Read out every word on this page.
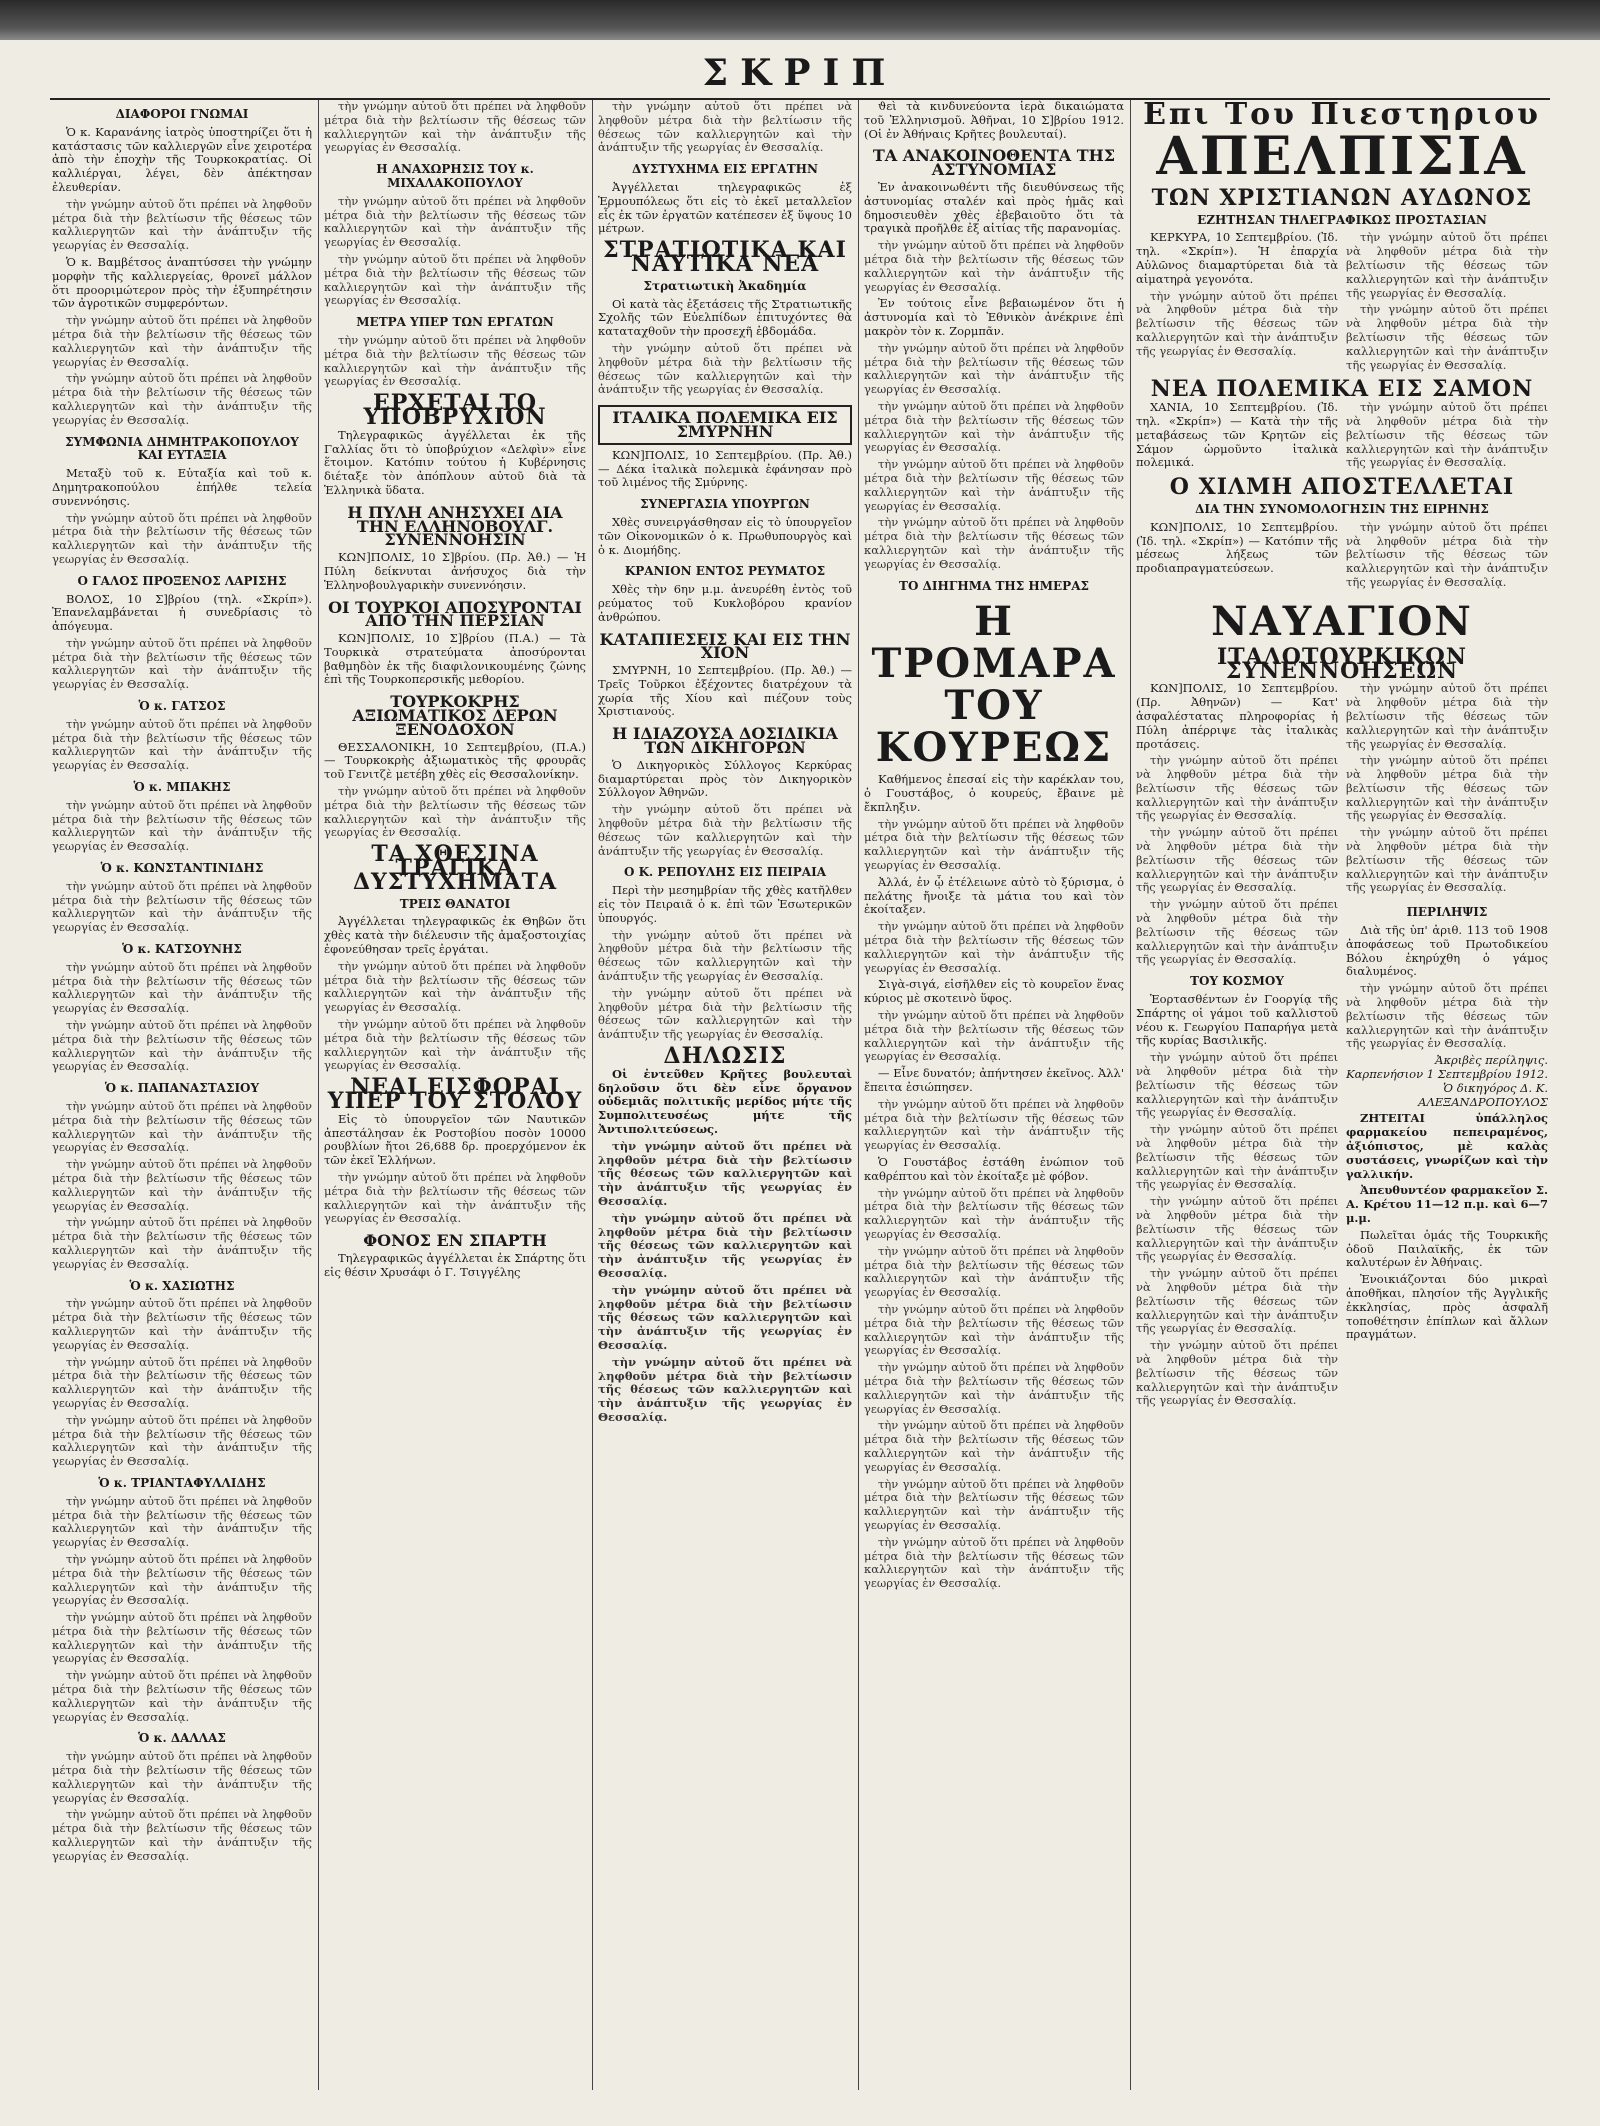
ΣΚΡΙΠ
ΔΙΑΦΟΡΟΙ ΓΝΩΜΑΙ

Ὁ κ. Καρανάνης ἰατρὸς ὑποστηρίζει ὅτι ἡ κατάστασις τῶν καλλιεργῶν εἶνε χειροτέρα ἀπὸ τὴν ἐποχὴν τῆς Τουρκοκρατίας. Οἱ καλλιέργαι, λέγει, δὲν ἀπέκτησαν ἐλευθερίαν.

τὴν γνώμην αὐτοῦ ὅτι πρέπει νὰ ληφθοῦν μέτρα διὰ τὴν βελτίωσιν τῆς θέσεως τῶν καλλιεργητῶν καὶ τὴν ἀνάπτυξιν τῆς γεωργίας ἐν Θεσσαλίᾳ.

Ὁ κ. Βαμβέτσος ἀναπτύσσει τὴν γνώμην μορφὴν τῆς καλλιεργείας, θρονεῖ μάλλον ὅτι προοριμώτερον πρὸς τὴν ἐξυπηρέτησιν τῶν ἀγροτικῶν συμφερόντων.

τὴν γνώμην αὐτοῦ ὅτι πρέπει νὰ ληφθοῦν μέτρα διὰ τὴν βελτίωσιν τῆς θέσεως τῶν καλλιεργητῶν καὶ τὴν ἀνάπτυξιν τῆς γεωργίας ἐν Θεσσαλίᾳ.

τὴν γνώμην αὐτοῦ ὅτι πρέπει νὰ ληφθοῦν μέτρα διὰ τὴν βελτίωσιν τῆς θέσεως τῶν καλλιεργητῶν καὶ τὴν ἀνάπτυξιν τῆς γεωργίας ἐν Θεσσαλίᾳ.

ΣΥΜΦΩΝΙΑ ΔΗΜΗΤΡΑΚΟΠΟΥΛΟΥ ΚΑΙ ΕΥΤΑΞΙΑ

Μεταξὺ τοῦ κ. Εὐταξία καὶ τοῦ κ. Δημητρακοπούλου ἐπήλθε τελεία συνεννόησις.

τὴν γνώμην αὐτοῦ ὅτι πρέπει νὰ ληφθοῦν μέτρα διὰ τὴν βελτίωσιν τῆς θέσεως τῶν καλλιεργητῶν καὶ τὴν ἀνάπτυξιν τῆς γεωργίας ἐν Θεσσαλίᾳ.

Ο ΓΑΛΟΣ ΠΡΟΞΕΝΟΣ ΛΑΡΙΣΗΣ

ΒΟΛΟΣ, 10 Σ]βρίου (τηλ. «Σκρίπ»). Ἐπανελαμβάνεται ἡ συνεδρίασις τὸ ἀπόγευμα.

τὴν γνώμην αὐτοῦ ὅτι πρέπει νὰ ληφθοῦν μέτρα διὰ τὴν βελτίωσιν τῆς θέσεως τῶν καλλιεργητῶν καὶ τὴν ἀνάπτυξιν τῆς γεωργίας ἐν Θεσσαλίᾳ.

Ὁ κ. ΓΑΤΣΟΣ

τὴν γνώμην αὐτοῦ ὅτι πρέπει νὰ ληφθοῦν μέτρα διὰ τὴν βελτίωσιν τῆς θέσεως τῶν καλλιεργητῶν καὶ τὴν ἀνάπτυξιν τῆς γεωργίας ἐν Θεσσαλίᾳ.

Ὁ κ. ΜΠΑΚΗΣ

τὴν γνώμην αὐτοῦ ὅτι πρέπει νὰ ληφθοῦν μέτρα διὰ τὴν βελτίωσιν τῆς θέσεως τῶν καλλιεργητῶν καὶ τὴν ἀνάπτυξιν τῆς γεωργίας ἐν Θεσσαλίᾳ.

Ὁ κ. ΚΩΝΣΤΑΝΤΙΝΙΔΗΣ

τὴν γνώμην αὐτοῦ ὅτι πρέπει νὰ ληφθοῦν μέτρα διὰ τὴν βελτίωσιν τῆς θέσεως τῶν καλλιεργητῶν καὶ τὴν ἀνάπτυξιν τῆς γεωργίας ἐν Θεσσαλίᾳ.

Ὁ κ. ΚΑΤΣΟΥΝΗΣ

τὴν γνώμην αὐτοῦ ὅτι πρέπει νὰ ληφθοῦν μέτρα διὰ τὴν βελτίωσιν τῆς θέσεως τῶν καλλιεργητῶν καὶ τὴν ἀνάπτυξιν τῆς γεωργίας ἐν Θεσσαλίᾳ.

τὴν γνώμην αὐτοῦ ὅτι πρέπει νὰ ληφθοῦν μέτρα διὰ τὴν βελτίωσιν τῆς θέσεως τῶν καλλιεργητῶν καὶ τὴν ἀνάπτυξιν τῆς γεωργίας ἐν Θεσσαλίᾳ.

Ὁ κ. ΠΑΠΑΝΑΣΤΑΣΙΟΥ

τὴν γνώμην αὐτοῦ ὅτι πρέπει νὰ ληφθοῦν μέτρα διὰ τὴν βελτίωσιν τῆς θέσεως τῶν καλλιεργητῶν καὶ τὴν ἀνάπτυξιν τῆς γεωργίας ἐν Θεσσαλίᾳ.

τὴν γνώμην αὐτοῦ ὅτι πρέπει νὰ ληφθοῦν μέτρα διὰ τὴν βελτίωσιν τῆς θέσεως τῶν καλλιεργητῶν καὶ τὴν ἀνάπτυξιν τῆς γεωργίας ἐν Θεσσαλίᾳ.

τὴν γνώμην αὐτοῦ ὅτι πρέπει νὰ ληφθοῦν μέτρα διὰ τὴν βελτίωσιν τῆς θέσεως τῶν καλλιεργητῶν καὶ τὴν ἀνάπτυξιν τῆς γεωργίας ἐν Θεσσαλίᾳ.

Ὁ κ. ΧΑΣΙΩΤΗΣ

τὴν γνώμην αὐτοῦ ὅτι πρέπει νὰ ληφθοῦν μέτρα διὰ τὴν βελτίωσιν τῆς θέσεως τῶν καλλιεργητῶν καὶ τὴν ἀνάπτυξιν τῆς γεωργίας ἐν Θεσσαλίᾳ.

τὴν γνώμην αὐτοῦ ὅτι πρέπει νὰ ληφθοῦν μέτρα διὰ τὴν βελτίωσιν τῆς θέσεως τῶν καλλιεργητῶν καὶ τὴν ἀνάπτυξιν τῆς γεωργίας ἐν Θεσσαλίᾳ.

τὴν γνώμην αὐτοῦ ὅτι πρέπει νὰ ληφθοῦν μέτρα διὰ τὴν βελτίωσιν τῆς θέσεως τῶν καλλιεργητῶν καὶ τὴν ἀνάπτυξιν τῆς γεωργίας ἐν Θεσσαλίᾳ.

Ὁ κ. ΤΡΙΑΝΤΑΦΥΛΛΙΔΗΣ

τὴν γνώμην αὐτοῦ ὅτι πρέπει νὰ ληφθοῦν μέτρα διὰ τὴν βελτίωσιν τῆς θέσεως τῶν καλλιεργητῶν καὶ τὴν ἀνάπτυξιν τῆς γεωργίας ἐν Θεσσαλίᾳ.

τὴν γνώμην αὐτοῦ ὅτι πρέπει νὰ ληφθοῦν μέτρα διὰ τὴν βελτίωσιν τῆς θέσεως τῶν καλλιεργητῶν καὶ τὴν ἀνάπτυξιν τῆς γεωργίας ἐν Θεσσαλίᾳ.

τὴν γνώμην αὐτοῦ ὅτι πρέπει νὰ ληφθοῦν μέτρα διὰ τὴν βελτίωσιν τῆς θέσεως τῶν καλλιεργητῶν καὶ τὴν ἀνάπτυξιν τῆς γεωργίας ἐν Θεσσαλίᾳ.

τὴν γνώμην αὐτοῦ ὅτι πρέπει νὰ ληφθοῦν μέτρα διὰ τὴν βελτίωσιν τῆς θέσεως τῶν καλλιεργητῶν καὶ τὴν ἀνάπτυξιν τῆς γεωργίας ἐν Θεσσαλίᾳ.

Ὁ κ. ΔΑΛΛΑΣ

τὴν γνώμην αὐτοῦ ὅτι πρέπει νὰ ληφθοῦν μέτρα διὰ τὴν βελτίωσιν τῆς θέσεως τῶν καλλιεργητῶν καὶ τὴν ἀνάπτυξιν τῆς γεωργίας ἐν Θεσσαλίᾳ.

τὴν γνώμην αὐτοῦ ὅτι πρέπει νὰ ληφθοῦν μέτρα διὰ τὴν βελτίωσιν τῆς θέσεως τῶν καλλιεργητῶν καὶ τὴν ἀνάπτυξιν τῆς γεωργίας ἐν Θεσσαλίᾳ.

τὴν γνώμην αὐτοῦ ὅτι πρέπει νὰ ληφθοῦν μέτρα διὰ τὴν βελτίωσιν τῆς θέσεως τῶν καλλιεργητῶν καὶ τὴν ἀνάπτυξιν τῆς γεωργίας ἐν Θεσσαλίᾳ.

Η ΑΝΑΧΩΡΗΣΙΣ ΤΟΥ κ. ΜΙΧΑΛΑΚΟΠΟΥΛΟΥ

τὴν γνώμην αὐτοῦ ὅτι πρέπει νὰ ληφθοῦν μέτρα διὰ τὴν βελτίωσιν τῆς θέσεως τῶν καλλιεργητῶν καὶ τὴν ἀνάπτυξιν τῆς γεωργίας ἐν Θεσσαλίᾳ.

τὴν γνώμην αὐτοῦ ὅτι πρέπει νὰ ληφθοῦν μέτρα διὰ τὴν βελτίωσιν τῆς θέσεως τῶν καλλιεργητῶν καὶ τὴν ἀνάπτυξιν τῆς γεωργίας ἐν Θεσσαλίᾳ.

ΜΕΤΡΑ ΥΠΕΡ ΤΩΝ ΕΡΓΑΤΩΝ

τὴν γνώμην αὐτοῦ ὅτι πρέπει νὰ ληφθοῦν μέτρα διὰ τὴν βελτίωσιν τῆς θέσεως τῶν καλλιεργητῶν καὶ τὴν ἀνάπτυξιν τῆς γεωργίας ἐν Θεσσαλίᾳ.

ΕΡΧΕΤΑΙ ΤΟ ΥΠΟΒΡΥΧΙΟΝ

Τηλεγραφικῶς ἀγγέλλεται ἐκ τῆς Γαλλίας ὅτι τὸ ὑποβρύχιον «Δελφὶν» εἶνε ἕτοιμον. Κατόπιν τούτου ἡ Κυβέρνησις διέταξε τὸν ἀπόπλουν αὐτοῦ διὰ τὰ Ἑλληνικὰ ὕδατα.

Η ΠΥΛΗ ΑΝΗΣΥΧΕΙ ΔΙΑ ΤΗΝ ΕΛΛΗΝΟΒΟΥΛΓ. ΣΥΝΕΝΝΟΗΣΙΝ

ΚΩΝ]ΠΟΛΙΣ, 10 Σ]βρίου. (Πρ. Ἀθ.) — Ἡ Πύλη δείκνυται ἀνήσυχος διὰ τὴν Ἑλληνοβουλγαρικὴν συνεννόησιν.

ΟΙ ΤΟΥΡΚΟΙ ΑΠΟΣΥΡΟΝΤΑΙ ΑΠΟ ΤΗΝ ΠΕΡΣΙΑΝ

ΚΩΝ]ΠΟΛΙΣ, 10 Σ]βρίου (Π.Α.) — Τὰ Τουρκικὰ στρατεύματα ἀποσύρονται βαθμηδὸν ἐκ τῆς διαφιλονικουμένης ζώνης ἐπὶ τῆς Τουρκοπερσικῆς μεθορίου.

ΤΟΥΡΚΟΚΡΗΣ ΑΞΙΩΜΑΤΙΚΟΣ ΔΕΡΩΝ ΞΕΝΟΔΟΧΟΝ

ΘΕΣΣΑΛΟΝΙΚΗ, 10 Σεπτεμβρίου, (Π.Α.) — Τουρκοκρὴς ἀξιωματικὸς τῆς φρουρᾶς τοῦ Γενιτζὲ μετέβη χθὲς εἰς Θεσσαλονίκην.

τὴν γνώμην αὐτοῦ ὅτι πρέπει νὰ ληφθοῦν μέτρα διὰ τὴν βελτίωσιν τῆς θέσεως τῶν καλλιεργητῶν καὶ τὴν ἀνάπτυξιν τῆς γεωργίας ἐν Θεσσαλίᾳ.

ΤΑ ΧΘΕΣΙΝΑ ΤΡΑΓΙΚΑ ΔΥΣΤΥΧΗΜΑΤΑ
ΤΡΕΙΣ ΘΑΝΑΤΟΙ

Ἀγγέλλεται τηλεγραφικῶς ἐκ Θηβῶν ὅτι χθὲς κατὰ τὴν διέλευσιν τῆς ἀμαξοστοιχίας ἐφονεύθησαν τρεῖς ἐργάται.

τὴν γνώμην αὐτοῦ ὅτι πρέπει νὰ ληφθοῦν μέτρα διὰ τὴν βελτίωσιν τῆς θέσεως τῶν καλλιεργητῶν καὶ τὴν ἀνάπτυξιν τῆς γεωργίας ἐν Θεσσαλίᾳ.

τὴν γνώμην αὐτοῦ ὅτι πρέπει νὰ ληφθοῦν μέτρα διὰ τὴν βελτίωσιν τῆς θέσεως τῶν καλλιεργητῶν καὶ τὴν ἀνάπτυξιν τῆς γεωργίας ἐν Θεσσαλίᾳ.

ΝΕΑΙ ΕΙΣΦΟΡΑΙ ΥΠΕΡ ΤΟΥ ΣΤΟΛΟΥ

Εἰς τὸ ὑπουργεῖον τῶν Ναυτικῶν ἀπεστάλησαν ἐκ Ροστοβίου ποσὸν 10000 ρουβλίων ἤτοι 26,688 δρ. προερχόμενον ἐκ τῶν ἐκεῖ Ἑλλήνων.

τὴν γνώμην αὐτοῦ ὅτι πρέπει νὰ ληφθοῦν μέτρα διὰ τὴν βελτίωσιν τῆς θέσεως τῶν καλλιεργητῶν καὶ τὴν ἀνάπτυξιν τῆς γεωργίας ἐν Θεσσαλίᾳ.

ΦΟΝΟΣ ΕΝ ΣΠΑΡΤΗ

Τηλεγραφικῶς ἀγγέλλεται ἐκ Σπάρτης ὅτι εἰς θέσιν Χρυσάφι ὁ Γ. Τσιγγέλης

τὴν γνώμην αὐτοῦ ὅτι πρέπει νὰ ληφθοῦν μέτρα διὰ τὴν βελτίωσιν τῆς θέσεως τῶν καλλιεργητῶν καὶ τὴν ἀνάπτυξιν τῆς γεωργίας ἐν Θεσσαλίᾳ.

ΔΥΣΤΥΧΗΜΑ ΕΙΣ ΕΡΓΑΤΗΝ

Ἀγγέλλεται τηλεγραφικῶς ἐξ Ἑρμουπόλεως ὅτι εἰς τὸ ἐκεῖ μεταλλεῖον εἷς ἐκ τῶν ἐργατῶν κατέπεσεν ἐξ ὕψους 10 μέτρων.

ΣΤΡΑΤΙΩΤΙΚΑ ΚΑΙ ΝΑΥΤΙΚΑ ΝΕΑ
Στρατιωτικὴ Ἀκαδημία

Οἱ κατὰ τὰς ἐξετάσεις τῆς Στρατιωτικῆς Σχολῆς τῶν Εὐελπίδων ἐπιτυχόντες θὰ καταταχθοῦν τὴν προσεχῆ ἑβδομάδα.

τὴν γνώμην αὐτοῦ ὅτι πρέπει νὰ ληφθοῦν μέτρα διὰ τὴν βελτίωσιν τῆς θέσεως τῶν καλλιεργητῶν καὶ τὴν ἀνάπτυξιν τῆς γεωργίας ἐν Θεσσαλίᾳ.

ΙΤΑΛΙΚΑ ΠΟΛΕΜΙΚΑ ΕΙΣ ΣΜΥΡΝΗΝ

ΚΩΝ]ΠΟΛΙΣ, 10 Σεπτεμβρίου. (Πρ. Ἀθ.) — Δέκα ἰταλικὰ πολεμικὰ ἐφάνησαν πρὸ τοῦ λιμένος τῆς Σμύρνης.

ΣΥΝΕΡΓΑΣΙΑ ΥΠΟΥΡΓΩΝ

Χθὲς συνειργάσθησαν εἰς τὸ ὑπουργεῖον τῶν Οἰκονομικῶν ὁ κ. Πρωθυπουργὸς καὶ ὁ κ. Διομήδης.

ΚΡΑΝΙΟΝ ΕΝΤΟΣ ΡΕΥΜΑΤΟΣ

Χθὲς τὴν 6ην μ.μ. ἀνευρέθη ἐντὸς τοῦ ρεύματος τοῦ Κυκλοβόρου κρανίον ἀνθρώπου.

ΚΑΤΑΠΙΕΣΕΙΣ ΚΑΙ ΕΙΣ ΤΗΝ ΧΙΟΝ

ΣΜΥΡΝΗ, 10 Σεπτεμβρίου. (Πρ. Ἀθ.) — Τρεῖς Τοῦρκοι ἐξέχοντες διατρέχουν τὰ χωρία τῆς Χίου καὶ πιέζουν τοὺς Χριστιανούς.

Η ΙΔΙΑΖΟΥΣΑ ΔΟΣΙΔΙΚΙΑ ΤΩΝ ΔΙΚΗΓΟΡΩΝ

Ὁ Δικηγορικὸς Σύλλογος Κερκύρας διαμαρτύρεται πρὸς τὸν Δικηγορικὸν Σύλλογον Ἀθηνῶν.

τὴν γνώμην αὐτοῦ ὅτι πρέπει νὰ ληφθοῦν μέτρα διὰ τὴν βελτίωσιν τῆς θέσεως τῶν καλλιεργητῶν καὶ τὴν ἀνάπτυξιν τῆς γεωργίας ἐν Θεσσαλίᾳ.

Ο Κ. ΡΕΠΟΥΛΗΣ ΕΙΣ ΠΕΙΡΑΙΑ

Περὶ τὴν μεσημβρίαν τῆς χθὲς κατῆλθεν εἰς τὸν Πειραιᾶ ὁ κ. ἐπὶ τῶν Ἐσωτερικῶν ὑπουργός.

τὴν γνώμην αὐτοῦ ὅτι πρέπει νὰ ληφθοῦν μέτρα διὰ τὴν βελτίωσιν τῆς θέσεως τῶν καλλιεργητῶν καὶ τὴν ἀνάπτυξιν τῆς γεωργίας ἐν Θεσσαλίᾳ.

τὴν γνώμην αὐτοῦ ὅτι πρέπει νὰ ληφθοῦν μέτρα διὰ τὴν βελτίωσιν τῆς θέσεως τῶν καλλιεργητῶν καὶ τὴν ἀνάπτυξιν τῆς γεωργίας ἐν Θεσσαλίᾳ.

ΔΗΛΩΣΙΣ

Οἱ ἐντεῦθεν Κρῆτες βουλευταὶ δηλοῦσιν ὅτι δὲν εἶνε ὄργανον οὐδεμιᾶς πολιτικῆς μερίδος μήτε τῆς Συμπολιτευσέως μήτε τῆς Ἀντιπολιτεύσεως.

τὴν γνώμην αὐτοῦ ὅτι πρέπει νὰ ληφθοῦν μέτρα διὰ τὴν βελτίωσιν τῆς θέσεως τῶν καλλιεργητῶν καὶ τὴν ἀνάπτυξιν τῆς γεωργίας ἐν Θεσσαλίᾳ.

τὴν γνώμην αὐτοῦ ὅτι πρέπει νὰ ληφθοῦν μέτρα διὰ τὴν βελτίωσιν τῆς θέσεως τῶν καλλιεργητῶν καὶ τὴν ἀνάπτυξιν τῆς γεωργίας ἐν Θεσσαλίᾳ.

τὴν γνώμην αὐτοῦ ὅτι πρέπει νὰ ληφθοῦν μέτρα διὰ τὴν βελτίωσιν τῆς θέσεως τῶν καλλιεργητῶν καὶ τὴν ἀνάπτυξιν τῆς γεωργίας ἐν Θεσσαλίᾳ.

τὴν γνώμην αὐτοῦ ὅτι πρέπει νὰ ληφθοῦν μέτρα διὰ τὴν βελτίωσιν τῆς θέσεως τῶν καλλιεργητῶν καὶ τὴν ἀνάπτυξιν τῆς γεωργίας ἐν Θεσσαλίᾳ.

ϑεὶ τὰ κινδυνεύοντα ἱερὰ δικαιώματα τοῦ Ἑλληνισμοῦ. Ἀθῆναι, 10 Σ]βρίου 1912. (Οἱ ἐν Ἀθήναις Κρῆτες βουλευταί).

ΤΑ ΑΝΑΚΟΙΝΟΘΕΝΤΑ ΤΗΣ ΑΣΤΥΝΟΜΙΑΣ

Ἐν ἀνακοινωθέντι τῆς διευθύνσεως τῆς ἀστυνομίας σταλέν καὶ πρὸς ἡμᾶς καὶ δημοσιευθὲν χθὲς ἐβεβαιοῦτο ὅτι τὰ τραγικὰ προῆλθε ἐξ αἰτίας τῆς παρανομίας.

τὴν γνώμην αὐτοῦ ὅτι πρέπει νὰ ληφθοῦν μέτρα διὰ τὴν βελτίωσιν τῆς θέσεως τῶν καλλιεργητῶν καὶ τὴν ἀνάπτυξιν τῆς γεωργίας ἐν Θεσσαλίᾳ.

Ἐν τούτοις εἶνε βεβαιωμένον ὅτι ἡ ἀστυνομία καὶ τὸ Ἐθνικὸν ἀνέκρινε ἐπὶ μακρὸν τὸν κ. Ζορμπᾶν.

τὴν γνώμην αὐτοῦ ὅτι πρέπει νὰ ληφθοῦν μέτρα διὰ τὴν βελτίωσιν τῆς θέσεως τῶν καλλιεργητῶν καὶ τὴν ἀνάπτυξιν τῆς γεωργίας ἐν Θεσσαλίᾳ.

τὴν γνώμην αὐτοῦ ὅτι πρέπει νὰ ληφθοῦν μέτρα διὰ τὴν βελτίωσιν τῆς θέσεως τῶν καλλιεργητῶν καὶ τὴν ἀνάπτυξιν τῆς γεωργίας ἐν Θεσσαλίᾳ.

τὴν γνώμην αὐτοῦ ὅτι πρέπει νὰ ληφθοῦν μέτρα διὰ τὴν βελτίωσιν τῆς θέσεως τῶν καλλιεργητῶν καὶ τὴν ἀνάπτυξιν τῆς γεωργίας ἐν Θεσσαλίᾳ.

τὴν γνώμην αὐτοῦ ὅτι πρέπει νὰ ληφθοῦν μέτρα διὰ τὴν βελτίωσιν τῆς θέσεως τῶν καλλιεργητῶν καὶ τὴν ἀνάπτυξιν τῆς γεωργίας ἐν Θεσσαλίᾳ.

ΤΟ ΔΙΗΓΗΜΑ ΤΗΣ ΗΜΕΡΑΣ
Η ΤΡΟΜΑΡΑ ΤΟΥ ΚΟΥΡΕΩΣ

Καθήμενος ἐπεσαί εἰς τὴν καρέκλαν του, ὁ Γουστάβος, ὁ κουρεύς, ἔβαινε μὲ ἔκπληξιν.

τὴν γνώμην αὐτοῦ ὅτι πρέπει νὰ ληφθοῦν μέτρα διὰ τὴν βελτίωσιν τῆς θέσεως τῶν καλλιεργητῶν καὶ τὴν ἀνάπτυξιν τῆς γεωργίας ἐν Θεσσαλίᾳ.

Ἀλλά, ἐν ᾧ ἐτέλειωνε αὐτὸ τὸ ξύρισμα, ὁ πελάτης ἤνοιξε τὰ μάτια του καὶ τὸν ἐκοίταξεν.

τὴν γνώμην αὐτοῦ ὅτι πρέπει νὰ ληφθοῦν μέτρα διὰ τὴν βελτίωσιν τῆς θέσεως τῶν καλλιεργητῶν καὶ τὴν ἀνάπτυξιν τῆς γεωργίας ἐν Θεσσαλίᾳ.

Σιγὰ-σιγά, εἰσῆλθεν εἰς τὸ κουρεῖον ἕνας κύριος μὲ σκοτεινὸ ὕφος.

τὴν γνώμην αὐτοῦ ὅτι πρέπει νὰ ληφθοῦν μέτρα διὰ τὴν βελτίωσιν τῆς θέσεως τῶν καλλιεργητῶν καὶ τὴν ἀνάπτυξιν τῆς γεωργίας ἐν Θεσσαλίᾳ.

— Εἶνε δυνατόν; ἀπήντησεν ἐκεῖνος. Ἀλλ' ἔπειτα ἐσιώπησεν.

τὴν γνώμην αὐτοῦ ὅτι πρέπει νὰ ληφθοῦν μέτρα διὰ τὴν βελτίωσιν τῆς θέσεως τῶν καλλιεργητῶν καὶ τὴν ἀνάπτυξιν τῆς γεωργίας ἐν Θεσσαλίᾳ.

Ὁ Γουστάβος ἐστάθη ἐνώπιον τοῦ καθρέπτου καὶ τὸν ἐκοίταξε μὲ φόβον.

τὴν γνώμην αὐτοῦ ὅτι πρέπει νὰ ληφθοῦν μέτρα διὰ τὴν βελτίωσιν τῆς θέσεως τῶν καλλιεργητῶν καὶ τὴν ἀνάπτυξιν τῆς γεωργίας ἐν Θεσσαλίᾳ.

τὴν γνώμην αὐτοῦ ὅτι πρέπει νὰ ληφθοῦν μέτρα διὰ τὴν βελτίωσιν τῆς θέσεως τῶν καλλιεργητῶν καὶ τὴν ἀνάπτυξιν τῆς γεωργίας ἐν Θεσσαλίᾳ.

τὴν γνώμην αὐτοῦ ὅτι πρέπει νὰ ληφθοῦν μέτρα διὰ τὴν βελτίωσιν τῆς θέσεως τῶν καλλιεργητῶν καὶ τὴν ἀνάπτυξιν τῆς γεωργίας ἐν Θεσσαλίᾳ.

τὴν γνώμην αὐτοῦ ὅτι πρέπει νὰ ληφθοῦν μέτρα διὰ τὴν βελτίωσιν τῆς θέσεως τῶν καλλιεργητῶν καὶ τὴν ἀνάπτυξιν τῆς γεωργίας ἐν Θεσσαλίᾳ.

τὴν γνώμην αὐτοῦ ὅτι πρέπει νὰ ληφθοῦν μέτρα διὰ τὴν βελτίωσιν τῆς θέσεως τῶν καλλιεργητῶν καὶ τὴν ἀνάπτυξιν τῆς γεωργίας ἐν Θεσσαλίᾳ.

τὴν γνώμην αὐτοῦ ὅτι πρέπει νὰ ληφθοῦν μέτρα διὰ τὴν βελτίωσιν τῆς θέσεως τῶν καλλιεργητῶν καὶ τὴν ἀνάπτυξιν τῆς γεωργίας ἐν Θεσσαλίᾳ.

τὴν γνώμην αὐτοῦ ὅτι πρέπει νὰ ληφθοῦν μέτρα διὰ τὴν βελτίωσιν τῆς θέσεως τῶν καλλιεργητῶν καὶ τὴν ἀνάπτυξιν τῆς γεωργίας ἐν Θεσσαλίᾳ.

Επι Του Πιεστηριου
ΑΠΕΛΠΙΣΙΑ
ΤΩΝ ΧΡΙΣΤΙΑΝΩΝ ΑΥΔΩΝΟΣ
ΕΖΗΤΗΣΑΝ ΤΗΛΕΓΡΑΦΙΚΩΣ ΠΡΟΣΤΑΣΙΑΝ

ΚΕΡΚΥΡΑ, 10 Σεπτεμβρίου. (Ἰδ. τηλ. «Σκρίπ»). Ἡ ἐπαρχία Αὐλῶνος διαμαρτύρεται διὰ τὰ αἱματηρὰ γεγονότα.

τὴν γνώμην αὐτοῦ ὅτι πρέπει νὰ ληφθοῦν μέτρα διὰ τὴν βελτίωσιν τῆς θέσεως τῶν καλλιεργητῶν καὶ τὴν ἀνάπτυξιν τῆς γεωργίας ἐν Θεσσαλίᾳ.

τὴν γνώμην αὐτοῦ ὅτι πρέπει νὰ ληφθοῦν μέτρα διὰ τὴν βελτίωσιν τῆς θέσεως τῶν καλλιεργητῶν καὶ τὴν ἀνάπτυξιν τῆς γεωργίας ἐν Θεσσαλίᾳ.

τὴν γνώμην αὐτοῦ ὅτι πρέπει νὰ ληφθοῦν μέτρα διὰ τὴν βελτίωσιν τῆς θέσεως τῶν καλλιεργητῶν καὶ τὴν ἀνάπτυξιν τῆς γεωργίας ἐν Θεσσαλίᾳ.

ΝΕΑ ΠΟΛΕΜΙΚΑ ΕΙΣ ΣΑΜΟΝ

ΧΑΝΙΑ, 10 Σεπτεμβρίου. (Ἰδ. τηλ. «Σκρίπ») — Κατὰ τὴν τῆς μεταβάσεως τῶν Κρητῶν εἰς Σάμον ὡρμοῦντο ἰταλικὰ πολεμικά.

τὴν γνώμην αὐτοῦ ὅτι πρέπει νὰ ληφθοῦν μέτρα διὰ τὴν βελτίωσιν τῆς θέσεως τῶν καλλιεργητῶν καὶ τὴν ἀνάπτυξιν τῆς γεωργίας ἐν Θεσσαλίᾳ.

Ο ΧΙΛΜΗ ΑΠΟΣΤΕΛΛΕΤΑΙ
ΔΙΑ ΤΗΝ ΣΥΝΟΜΟΛΟΓΗΣΙΝ ΤΗΣ ΕΙΡΗΝΗΣ

ΚΩΝ]ΠΟΛΙΣ, 10 Σεπτεμβρίου. (Ἰδ. τηλ. «Σκρίπ») — Κατόπιν τῆς μέσεως λήξεως τῶν προδιαπραγματεύσεων.

τὴν γνώμην αὐτοῦ ὅτι πρέπει νὰ ληφθοῦν μέτρα διὰ τὴν βελτίωσιν τῆς θέσεως τῶν καλλιεργητῶν καὶ τὴν ἀνάπτυξιν τῆς γεωργίας ἐν Θεσσαλίᾳ.

ΝΑΥΑΓΙΟΝ
ΙΤΑΛΟΤΟΥΡΚΙΚΩΝ ΣΥΝΕΝΝΟΗΣΕΩΝ

ΚΩΝ]ΠΟΛΙΣ, 10 Σεπτεμβρίου. (Πρ. Ἀθηνῶν) — Κατ' ἀσφαλέστατας πληροφορίας ἡ Πύλη ἀπέρριψε τὰς ἰταλικὰς προτάσεις.

τὴν γνώμην αὐτοῦ ὅτι πρέπει νὰ ληφθοῦν μέτρα διὰ τὴν βελτίωσιν τῆς θέσεως τῶν καλλιεργητῶν καὶ τὴν ἀνάπτυξιν τῆς γεωργίας ἐν Θεσσαλίᾳ.

τὴν γνώμην αὐτοῦ ὅτι πρέπει νὰ ληφθοῦν μέτρα διὰ τὴν βελτίωσιν τῆς θέσεως τῶν καλλιεργητῶν καὶ τὴν ἀνάπτυξιν τῆς γεωργίας ἐν Θεσσαλίᾳ.

τὴν γνώμην αὐτοῦ ὅτι πρέπει νὰ ληφθοῦν μέτρα διὰ τὴν βελτίωσιν τῆς θέσεως τῶν καλλιεργητῶν καὶ τὴν ἀνάπτυξιν τῆς γεωργίας ἐν Θεσσαλίᾳ.

τὴν γνώμην αὐτοῦ ὅτι πρέπει νὰ ληφθοῦν μέτρα διὰ τὴν βελτίωσιν τῆς θέσεως τῶν καλλιεργητῶν καὶ τὴν ἀνάπτυξιν τῆς γεωργίας ἐν Θεσσαλίᾳ.

τὴν γνώμην αὐτοῦ ὅτι πρέπει νὰ ληφθοῦν μέτρα διὰ τὴν βελτίωσιν τῆς θέσεως τῶν καλλιεργητῶν καὶ τὴν ἀνάπτυξιν τῆς γεωργίας ἐν Θεσσαλίᾳ.

τὴν γνώμην αὐτοῦ ὅτι πρέπει νὰ ληφθοῦν μέτρα διὰ τὴν βελτίωσιν τῆς θέσεως τῶν καλλιεργητῶν καὶ τὴν ἀνάπτυξιν τῆς γεωργίας ἐν Θεσσαλίᾳ.

ΤΟΥ ΚΟΣΜΟΥ

Ἑορτασθέντων ἐν Γοοργίᾳ τῆς Σπάρτης οἱ γάμοι τοῦ καλλιστοῦ νέου κ. Γεωργίου Παπαρήγα μετὰ τῆς κυρίας Βασιλικῆς.

τὴν γνώμην αὐτοῦ ὅτι πρέπει νὰ ληφθοῦν μέτρα διὰ τὴν βελτίωσιν τῆς θέσεως τῶν καλλιεργητῶν καὶ τὴν ἀνάπτυξιν τῆς γεωργίας ἐν Θεσσαλίᾳ.

τὴν γνώμην αὐτοῦ ὅτι πρέπει νὰ ληφθοῦν μέτρα διὰ τὴν βελτίωσιν τῆς θέσεως τῶν καλλιεργητῶν καὶ τὴν ἀνάπτυξιν τῆς γεωργίας ἐν Θεσσαλίᾳ.

τὴν γνώμην αὐτοῦ ὅτι πρέπει νὰ ληφθοῦν μέτρα διὰ τὴν βελτίωσιν τῆς θέσεως τῶν καλλιεργητῶν καὶ τὴν ἀνάπτυξιν τῆς γεωργίας ἐν Θεσσαλίᾳ.

τὴν γνώμην αὐτοῦ ὅτι πρέπει νὰ ληφθοῦν μέτρα διὰ τὴν βελτίωσιν τῆς θέσεως τῶν καλλιεργητῶν καὶ τὴν ἀνάπτυξιν τῆς γεωργίας ἐν Θεσσαλίᾳ.

τὴν γνώμην αὐτοῦ ὅτι πρέπει νὰ ληφθοῦν μέτρα διὰ τὴν βελτίωσιν τῆς θέσεως τῶν καλλιεργητῶν καὶ τὴν ἀνάπτυξιν τῆς γεωργίας ἐν Θεσσαλίᾳ.

ΠΕΡΙΛΗΨΙΣ

Διὰ τῆς ὑπ' ἀριθ. 113 τοῦ 1908 ἀποφάσεως τοῦ Πρωτοδικείου Βόλου ἐκηρύχθη ὁ γάμος διαλυμένος.

τὴν γνώμην αὐτοῦ ὅτι πρέπει νὰ ληφθοῦν μέτρα διὰ τὴν βελτίωσιν τῆς θέσεως τῶν καλλιεργητῶν καὶ τὴν ἀνάπτυξιν τῆς γεωργίας ἐν Θεσσαλίᾳ.

Ἀκριβὲς περίληψις. Καρπενήσιον 1 Σεπτεμβρίου 1912. Ὁ δικηγόρος Δ. Κ. ΑΛΕΞΑΝΔΡΟΠΟΥΛΟΣ

ΖΗΤΕΙΤΑΙ ὑπάλληλος φαρμακείου πεπειραμένος, ἀξιόπιστος, μὲ καλὰς συστάσεις, γνωρίζων καὶ τὴν γαλλικήν.

Ἀπευθυντέον φαρμακεῖον Σ. Α. Κρέτου 11—12 π.μ. καὶ 6—7 μ.μ.

Πωλεῖται ὁμάς τῆς Τουρκικῆς ὁδοῦ Παιλαϊκῆς, ἐκ τῶν καλυτέρων ἐν Ἀθήναις.

Ἐνοικιάζονται δύο μικραὶ ἀποθῆκαι, πλησίον τῆς Ἀγγλικῆς ἐκκλησίας, πρὸς ἀσφαλῆ τοποθέτησιν ἐπίπλων καὶ ἄλλων πραγμάτων.
